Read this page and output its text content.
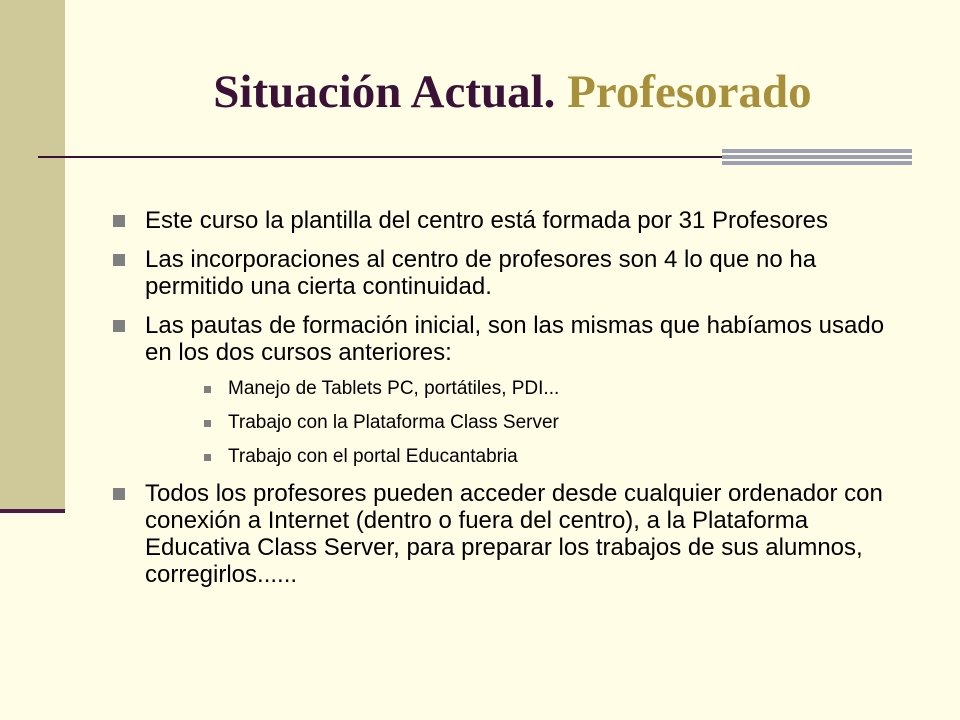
Situación Actual. Profesorado
Este curso la plantilla del centro está formada por 31 Profesores
Las incorporaciones al centro de profesores son 4 lo que no ha permitido una cierta continuidad.
Las pautas de formación inicial, son las mismas que habíamos usado en los dos cursos anteriores:
Manejo de Tablets PC, portátiles, PDI...
Trabajo con la Plataforma Class Server
Trabajo con el portal Educantabria
Todos los profesores pueden acceder desde cualquier ordenador con conexión a Internet (dentro o fuera del centro), a la Plataforma Educativa Class Server, para preparar los trabajos de sus alumnos, corregirlos......
